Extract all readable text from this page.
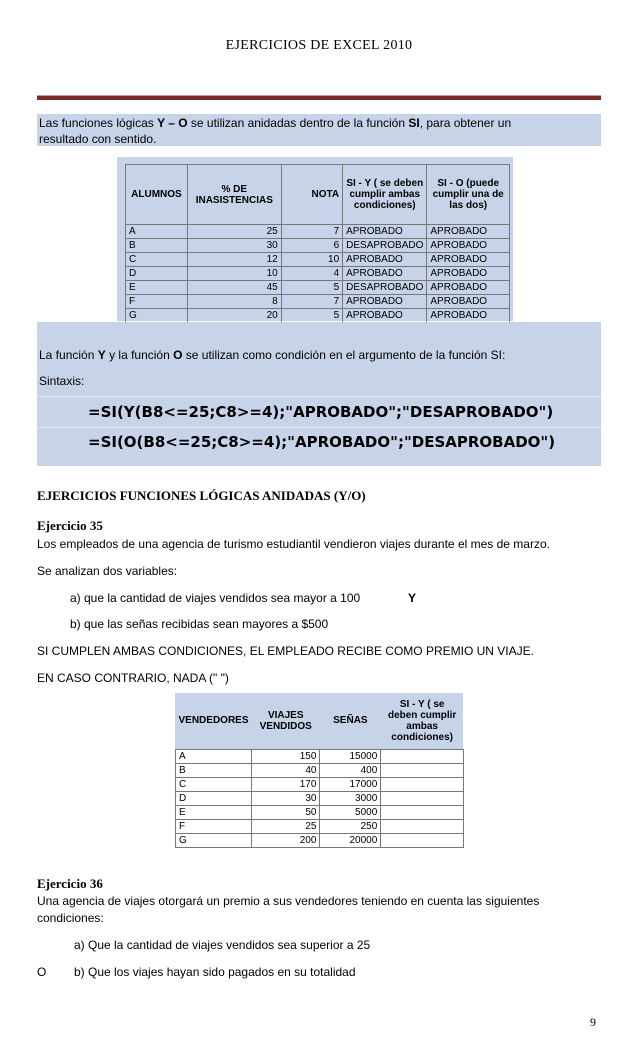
EJERCICIOS DE EXCEL 2010
Las funciones lógicas Y – O se utilizan anidadas dentro de la función SI, para obtener un
resultado con sentido.
ALUMNOS	% DE INASISTENCIAS	NOTA	SI - Y ( se deben cumplir ambas condiciones)	SI - O (puede cumplir una de las dos)
A	25	7	APROBADO	APROBADO
B	30	6	DESAPROBADO	APROBADO
C	12	10	APROBADO	APROBADO
D	10	4	APROBADO	APROBADO
E	45	5	DESAPROBADO	APROBADO
F	8	7	APROBADO	APROBADO
G	20	5	APROBADO	APROBADO
La función Y y la función O se utilizan como condición en el argumento de la función SI:
Sintaxis:
=SI(Y(B8<=25;C8>=4);"APROBADO";"DESAPROBADO")
=SI(O(B8<=25;C8>=4);"APROBADO";"DESAPROBADO")
EJERCICIOS FUNCIONES LÓGICAS ANIDADAS (Y/O)
Ejercicio 35
Los empleados de una agencia de turismo estudiantil vendieron viajes durante el mes de marzo.
Se analizan dos variables:
a) que la cantidad de viajes vendidos sea mayor a 100	Y
b) que las señas recibidas sean mayores a $500
SI CUMPLEN AMBAS CONDICIONES, EL EMPLEADO RECIBE COMO PREMIO UN VIAJE.
EN CASO CONTRARIO, NADA (" ")
VENDEDORES	VIAJES VENDIDOS	SEÑAS	SI - Y ( se deben cumplir ambas condiciones)
A	150	15000	
B	40	400	
C	170	17000	
D	30	3000	
E	50	5000	
F	25	250	
G	200	20000	
Ejercicio 36
Una agencia de viajes otorgará un premio a sus vendedores teniendo en cuenta las siguientes
condiciones:
a) Que la cantidad de viajes vendidos sea superior a 25
O b) Que los viajes hayan sido pagados en su totalidad
9
